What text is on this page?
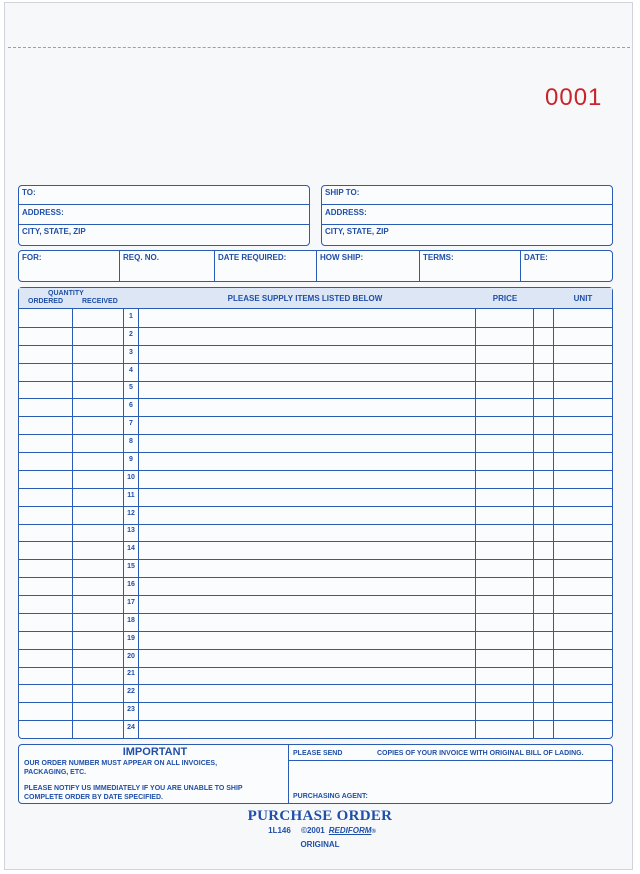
0001
TO:
ADDRESS:
CITY, STATE, ZIP
SHIP TO:
ADDRESS:
CITY, STATE, ZIP
FOR:	REQ. NO.	DATE REQUIRED:	HOW SHIP:	TERMS:	DATE:
QUANTITY
ORDERED	RECEIVED	PLEASE SUPPLY ITEMS LISTED BELOW	PRICE	UNIT
1
2
3
4
5
6
7
8
9
10
11
12
13
14
15
16
17
18
19
20
21
22
23
24
IMPORTANT
OUR ORDER NUMBER MUST APPEAR ON ALL INVOICES,
PACKAGING, ETC.
PLEASE NOTIFY US IMMEDIATELY IF YOU ARE UNABLE TO SHIP
COMPLETE ORDER BY DATE SPECIFIED.
PLEASE SEND	COPIES OF YOUR INVOICE WITH ORIGINAL BILL OF LADING.
PURCHASING AGENT:
PURCHASE ORDER
1L146 ©2001 REDIFORM®
ORIGINAL
